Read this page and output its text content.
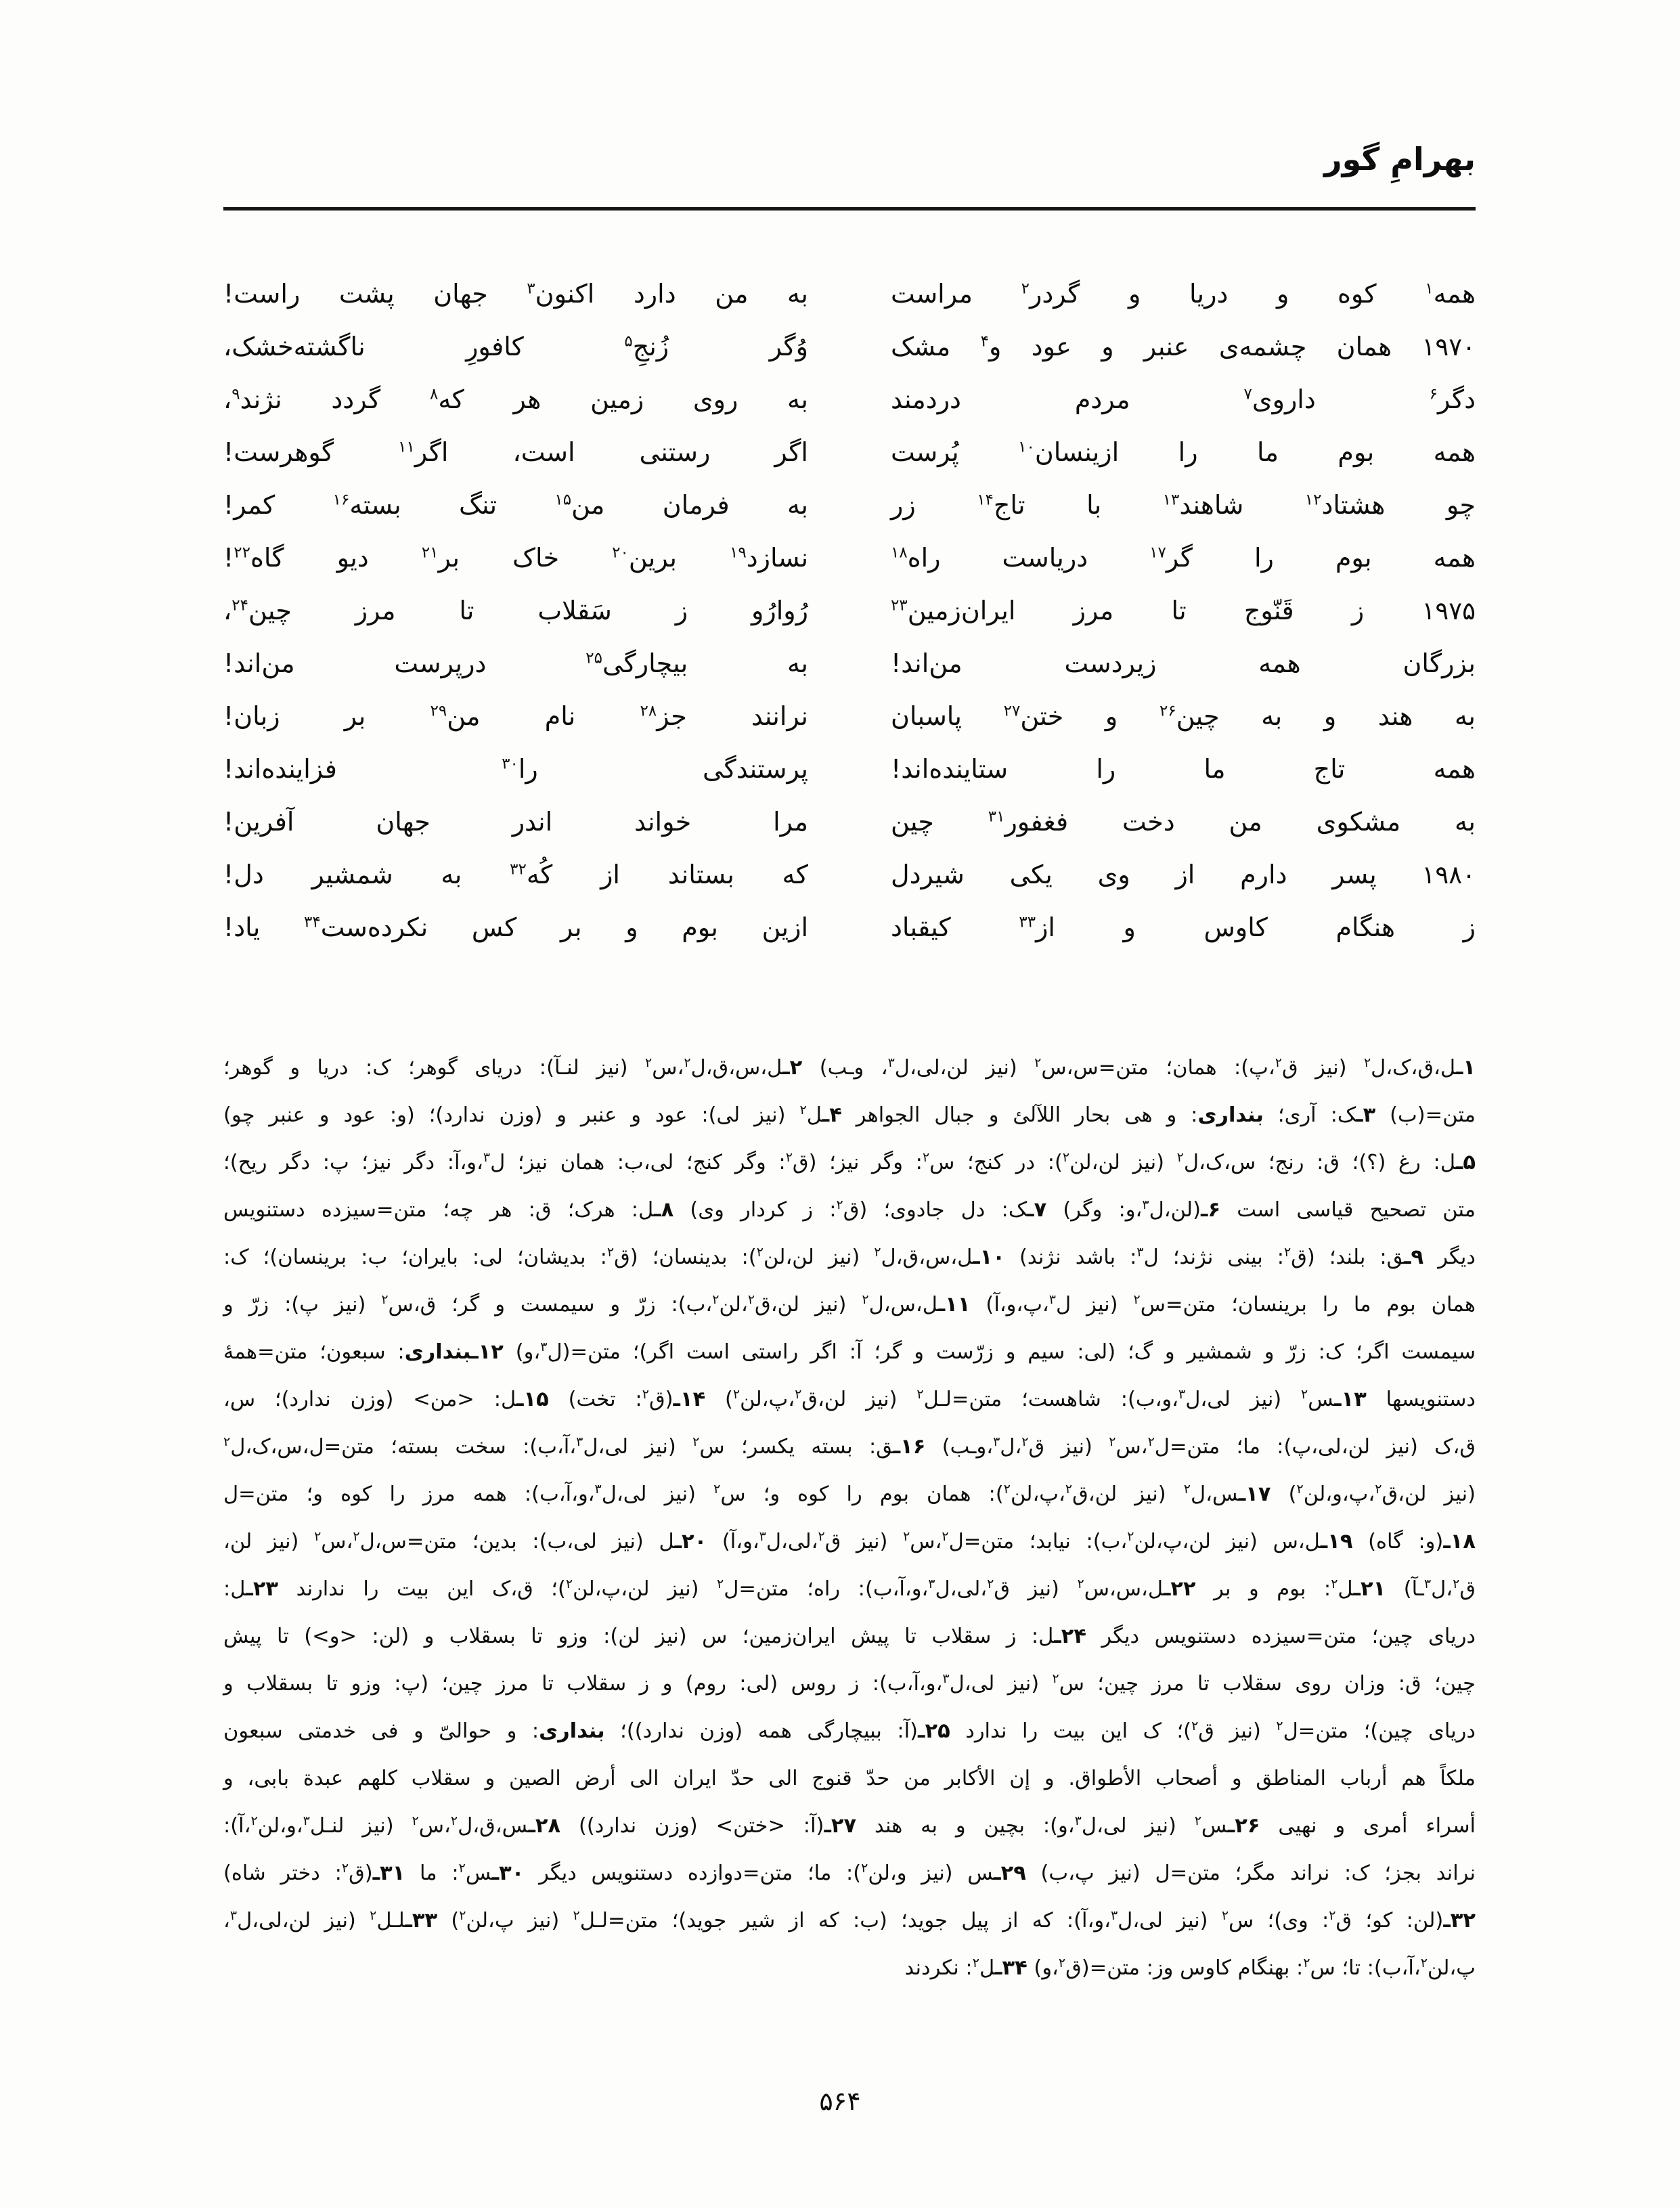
بهرامِ گور
همه$^۱$ کوه و دریا و گردر$^۲$ مراست
به من دارد اکنون$^۳$ جهان پشت راست!
۱۹۷۰ همان چشمه‌ی عنبر و عود و$^۴$ مشک
وُگر زُنجِ$^۵$ کافورِ ناگشته‌خشک،
دگر$^۶$ داروی$^۷$ مردم دردمند
به روی زمین هر که$^۸$ گردد نژند$^۹$،
همه بوم ما را ازینسان$^{۱۰}$ پُرست
اگر رستنی است، اگر$^{۱۱}$ گوهرست!
چو هشتاد$^{۱۲}$ شاهند$^{۱۳}$ با تاج$^{۱۴}$ زر
به فرمان من$^{۱۵}$ تنگ بسته$^{۱۶}$ کمر!
همه بوم را گر$^{۱۷}$ دریاست راه$^{۱۸}$
نسازد$^{۱۹}$ برین$^{۲۰}$ خاک بر$^{۲۱}$ دیو گاه$^{۲۲}$!
۱۹۷۵ ز قَنّوج تا مرز ایران‌زمین$^{۲۳}$
رُوارُو ز سَقلاب تا مرز چین$^{۲۴}$،
بزرگان همه زیردست من‌اند!
به بیچارگی$^{۲۵}$ درپرست من‌اند!
به هند و به چین$^{۲۶}$ و ختن$^{۲۷}$ پاسبان
نرانند جز$^{۲۸}$ نام من$^{۲۹}$ بر زبان!
همه تاج ما را ستاینده‌اند!
پرستندگی را$^{۳۰}$ فزاینده‌اند!
به مشکوی من دخت فغفور$^{۳۱}$ چین
مرا خواند اندر جهان آفرین!
۱۹۸۰ پسر دارم از وی یکی شیردل
که بستاند از کُه$^{۳۲}$ به شمشیر دل!
ز هنگام کاوس و از$^{۳۳}$ کیقباد
ازین بوم و بر کس نکرده‌ست$^{۳۴}$ یاد!
۱ـل،ق،ک،ل$^۲$ (نیز ق$^۲$،پ): همان؛ متن=س،س$^۲$ (نیز لن،لی،ل$^۳$، وـب) ۲ـل،س،ق،ل$^۲$،س$^۲$ (نیز لنـآ): دریای گوهر؛ ک: دریا و گوهر؛
متن=(ب) ۳ـک: آری؛ بنداری: و هی بحار اللآلئ و جبال الجواهر ۴ـل$^۲$ (نیز لی): عود و عنبر و (وزن ندارد)؛ (و: عود و عنبر چو)
۵ـل: رغ (؟)؛ ق: رنج؛ س،ک،ل$^۲$ (نیز لن،لن$^۲$): در کنج؛ س$^۲$: وگر نیز؛ (ق$^۲$: وگر کنج؛ لی،ب: همان نیز؛ ل$^۳$،و،آ: دگر نیز؛ پ: دگر ریح)؛
متن تصحیح قیاسی است ۶ـ(لن،ل$^۳$،و: وگر) ۷ـک: دل جادوی؛ (ق$^۲$: ز کردار وی) ۸ـل: هرک؛ ق: هر چه؛ متن=سیزده دستنویس
دیگر ۹ـق: بلند؛ (ق$^۲$: بینی نژند؛ ل$^۳$: باشد نژند) ۱۰ـل،س،ق،ل$^۲$ (نیز لن،لن$^۲$): بدینسان؛ (ق$^۲$: بدیشان؛ لی: بایران؛ ب: برینسان)؛ ک:
همان بوم ما را برینسان؛ متن=س$^۲$ (نیز ل$^۳$،پ،و،آ) ۱۱ـل،س،ل$^۲$ (نیز لن،ق$^۲$،لن$^۲$،ب): زرّ و سیمست و گر؛ ق،س$^۲$ (نیز پ): زرّ و
سیمست اگر؛ ک: زرّ و شمشیر و گ؛ (لی: سیم و زرّست و گر؛ آ: اگر راستی است اگر)؛ متن=(ل$^۳$،و) ۱۲ـبنداری: سبعون؛ متن=همهٔ
دستنویسها ۱۳ـس$^۲$ (نیز لی،ل$^۳$،و،ب): شاهست؛ متن=لـل$^۲$ (نیز لن،ق$^۲$،پ،لن$^۲$) ۱۴ـ(ق$^۲$: تخت) ۱۵ـل: <من> (وزن ندارد)؛ س،
ق،ک (نیز لن،لی،پ): ما؛ متن=ل$^۲$،س$^۲$ (نیز ق$^۲$،ل$^۳$،وـب) ۱۶ـق: بسته یکسر؛ س$^۲$ (نیز لی،ل$^۳$،آ،ب): سخت بسته؛ متن=ل،س،ک،ل$^۲$
(نیز لن،ق$^۲$،پ،و،لن$^۲$) ۱۷ـس،ل$^۲$ (نیز لن،ق$^۲$،پ،لن$^۲$): همان بوم را کوه و؛ س$^۲$ (نیز لی،ل$^۳$،و،آ،ب): همه مرز را کوه و؛ متن=ل
۱۸ـ(و: گاه) ۱۹ـل،س (نیز لن،پ،لن$^۲$،ب): نیابد؛ متن=ل$^۲$،س$^۲$ (نیز ق$^۲$،لی،ل$^۳$،و،آ) ۲۰ـل (نیز لی،ب): بدین؛ متن=س،ل$^۲$،س$^۲$ (نیز لن،
ق$^۲$،ل$^۳$ـآ) ۲۱ـل$^۲$: بوم و بر ۲۲ـل،س،س$^۲$ (نیز ق$^۲$،لی،ل$^۳$،و،آ،ب): راه؛ متن=ل$^۲$ (نیز لن،پ،لن$^۲$)؛ ق،ک این بیت را ندارند ۲۳ـل:
دریای چین؛ متن=سیزده دستنویس دیگر ۲۴ـل: ز سقلاب تا پیش ایران‌زمین؛ س (نیز لن): وزو تا بسقلاب و (لن: <و>) تا پیش
چین؛ ق: وزان روی سقلاب تا مرز چین؛ س$^۲$ (نیز لی،ل$^۳$،و،آ،ب): ز روس (لی: روم) و ز سقلاب تا مرز چین؛ (پ: وزو تا بسقلاب و
دریای چین)؛ متن=ل$^۲$ (نیز ق$^۲$)؛ ک این بیت را ندارد ۲۵ـ(آ: ببیچارگی همه (وزن ندارد))؛ بنداری: و حوالیّ و فی خدمتی سبعون
ملکاً هم أرباب المناطق و أصحاب الأطواق. و إن الأکابر من حدّ قنوج الی حدّ ایران الی أرض الصین و سقلاب کلهم عبدة بابی، و
أسراء أمری و نهیی ۲۶ـس$^۲$ (نیز لی،ل$^۳$،و): بچین و به هند ۲۷ـ(آ: <ختن> (وزن ندارد)) ۲۸ـس،ق،ل$^۲$،س$^۲$ (نیز لنـل$^۳$،و،لن$^۲$،آ):
نراند بجز؛ ک: نراند مگر؛ متن=ل (نیز پ،ب) ۲۹ـس (نیز و،لن$^۲$): ما؛ متن=دوازده دستنویس دیگر ۳۰ـس$^۲$: ما ۳۱ـ(ق$^۲$: دختر شاه)
۳۲ـ(لن: کو؛ ق$^۲$: وی)؛ س$^۲$ (نیز لی،ل$^۳$،و،آ): که از پیل جوید؛ (ب: که از شیر جوید)؛ متن=لـل$^۲$ (نیز پ،لن$^۲$) ۳۳ـلـل$^۲$ (نیز لن،لی،ل$^۳$،
پ،لن$^۲$،آ،ب): تا؛ س$^۲$: بهنگام کاوس وز: متن=(ق$^۲$،و) ۳۴ـل$^۲$: نکردند
۵۶۴
